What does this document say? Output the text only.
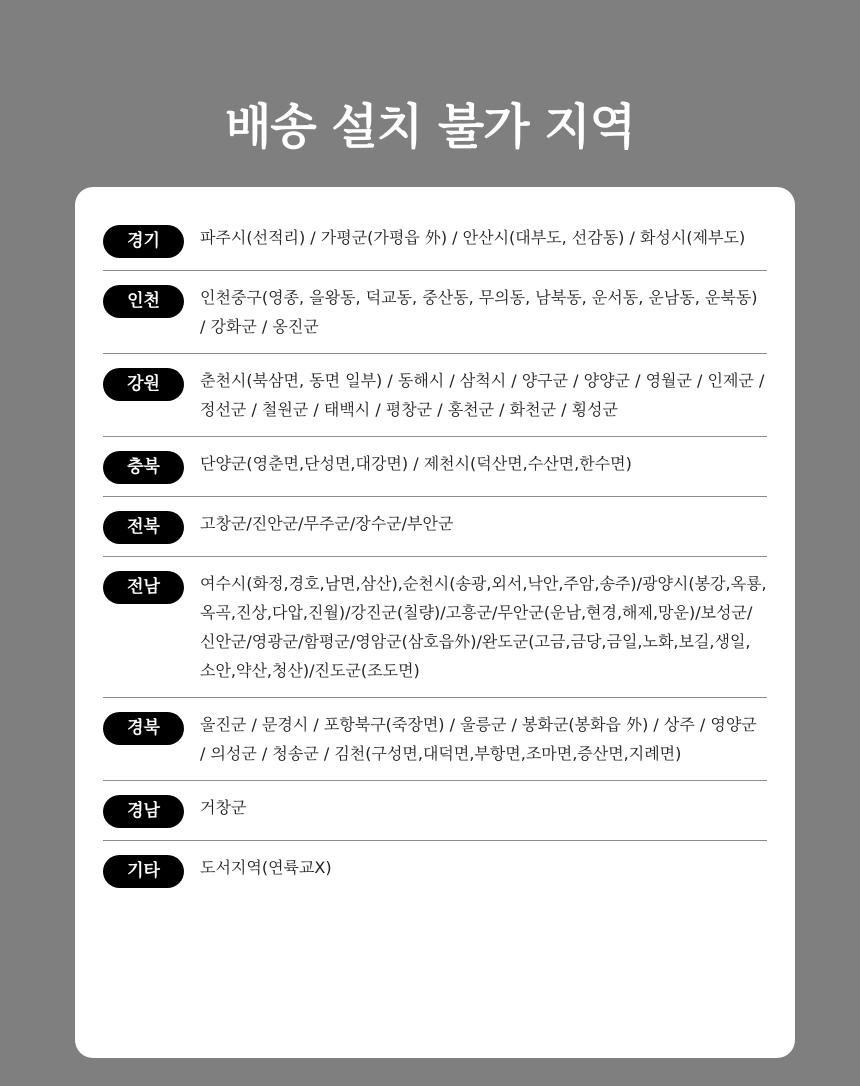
배송 설치 불가 지역
경기	파주시(선적리) / 가평군(가평읍 外) / 안산시(대부도, 선감동) / 화성시(제부도)
인천	인천중구(영종, 을왕동, 덕교동, 중산동, 무의동, 남북동, 운서동, 운남동, 운북동) / 강화군 / 옹진군
강원	춘천시(북삼면, 동면 일부) / 동해시 / 삼척시 / 양구군 / 양양군 / 영월군 / 인제군 / 정선군 / 철원군 / 태백시 / 평창군 / 홍천군 / 화천군 / 횡성군
충북	단양군(영춘면,단성면,대강면) / 제천시(덕산면,수산면,한수면)
전북	고창군/진안군/무주군/장수군/부안군
전남	여수시(화정,경호,남면,삼산),순천시(송광,외서,낙안,주암,송주)/광양시(봉강,옥룡,옥곡,진상,다압,진월)/강진군(칠량)/고흥군/무안군(운남,현경,해제,망운)/보성군/신안군/영광군/함평군/영암군(삼호읍外)/완도군(고금,금당,금일,노화,보길,생일,소안,약산,청산)/진도군(조도면)
경북	울진군 / 문경시 / 포항북구(죽장면) / 울릉군 / 봉화군(봉화읍 外) / 상주 / 영양군 / 의성군 / 청송군 / 김천(구성면,대덕면,부항면,조마면,증산면,지례면)
경남	거창군
기타	도서지역(연륙교X)
